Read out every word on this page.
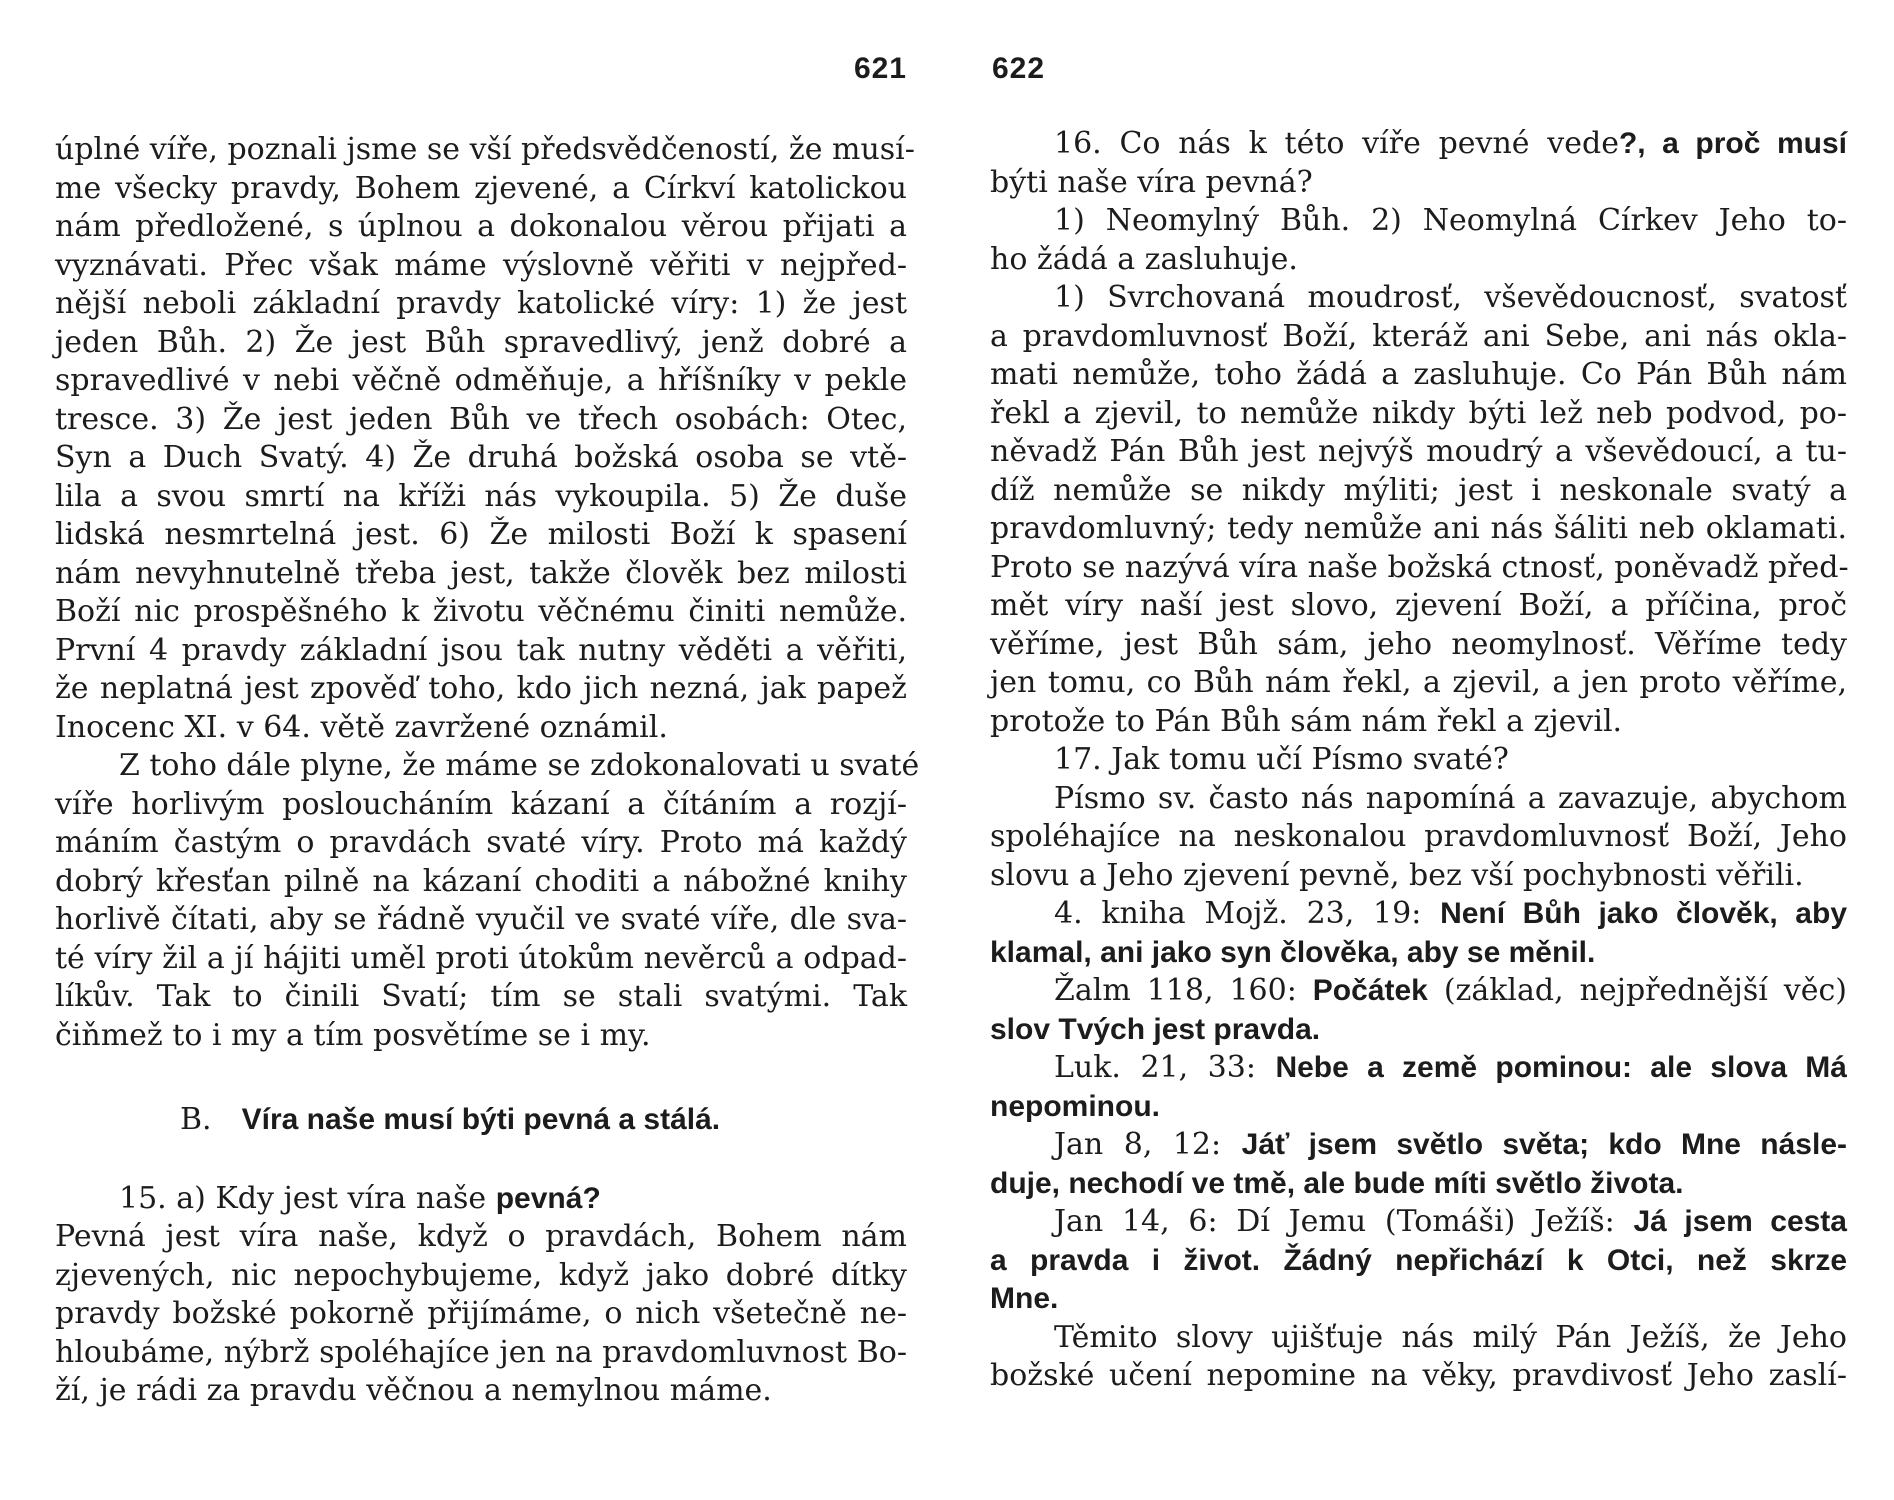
621
úplné víře, poznali jsme se vší předsvědčeností, že musí-
me všecky pravdy, Bohem zjevené, a Církví katolickou
nám předložené, s úplnou a dokonalou věrou přijati a
vyznávati. Přec však máme výslovně věřiti v nejpřed-
nější neboli základní pravdy katolické víry: 1) že jest
jeden Bůh. 2) Že jest Bůh spravedlivý, jenž dobré a
spravedlivé v nebi věčně odměňuje, a hříšníky v pekle
tresce. 3) Že jest jeden Bůh ve třech osobách: Otec,
Syn a Duch Svatý. 4) Že druhá božská osoba se vtě-
lila a svou smrtí na kříži nás vykoupila. 5) Že duše
lidská nesmrtelná jest. 6) Že milosti Boží k spasení
nám nevyhnutelně třeba jest, takže člověk bez milosti
Boží nic prospěšného k životu věčnému činiti nemůže.
První 4 pravdy základní jsou tak nutny věděti a věřiti,
že neplatná jest zpověď toho, kdo jich nezná, jak papež
Inocenc XI. v 64. větě zavržené oznámil.
Z toho dále plyne, že máme se zdokonalovati u svaté
víře horlivým posloucháním kázaní a čítáním a rozjí-
máním častým o pravdách svaté víry. Proto má každý
dobrý křesťan pilně na kázaní choditi a nábožné knihy
horlivě čítati, aby se řádně vyučil ve svaté víře, dle sva-
té víry žil a jí hájiti uměl proti útokům nevěrců a odpad-
líkův. Tak to činili Svatí; tím se stali svatými. Tak
čiňmež to i my a tím posvětíme se i my.
B. Víra naše musí býti pevná a stálá.
15. a) Kdy jest víra naše pevná?
Pevná jest víra naše, když o pravdách, Bohem nám
zjevených, nic nepochybujeme, když jako dobré dítky
pravdy božské pokorně přijímáme, o nich všetečně ne-
hloubáme, nýbrž spoléhajíce jen na pravdomluvnost Bo-
ží, je rádi za pravdu věčnou a nemylnou máme.
622
16. Co nás k této víře pevné vede?, a proč musí
býti naše víra pevná?
1) Neomylný Bůh. 2) Neomylná Církev Jeho to-
ho žádá a zasluhuje.
1) Svrchovaná moudrosť, vševědoucnosť, svatosť
a pravdomluvnosť Boží, kteráž ani Sebe, ani nás okla-
mati nemůže, toho žádá a zasluhuje. Co Pán Bůh nám
řekl a zjevil, to nemůže nikdy býti lež neb podvod, po-
něvadž Pán Bůh jest nejvýš moudrý a vševědoucí, a tu-
díž nemůže se nikdy mýliti; jest i neskonale svatý a
pravdomluvný; tedy nemůže ani nás šáliti neb oklamati.
Proto se nazývá víra naše božská ctnosť, poněvadž před-
mět víry naší jest slovo, zjevení Boží, a příčina, proč
věříme, jest Bůh sám, jeho neomylnosť. Věříme tedy
jen tomu, co Bůh nám řekl, a zjevil, a jen proto věříme,
protože to Pán Bůh sám nám řekl a zjevil.
17. Jak tomu učí Písmo svaté?
Písmo sv. často nás napomíná a zavazuje, abychom
spoléhajíce na neskonalou pravdomluvnosť Boží, Jeho
slovu a Jeho zjevení pevně, bez vší pochybnosti věřili.
4. kniha Mojž. 23, 19: Není Bůh jako člověk, aby
klamal, ani jako syn člověka, aby se měnil.
Žalm 118, 160: Počátek (základ, nejpřednější věc)
slov Tvých jest pravda.
Luk. 21, 33: Nebe a země pominou: ale slova Má
nepominou.
Jan 8, 12: Jáť jsem světlo světa; kdo Mne násle-
duje, nechodí ve tmě, ale bude míti světlo života.
Jan 14, 6: Dí Jemu (Tomáši) Ježíš: Já jsem cesta
a pravda i život. Žádný nepřichází k Otci, než skrze
Mne.
Těmito slovy ujišťuje nás milý Pán Ježíš, že Jeho
božské učení nepomine na věky, pravdivosť Jeho zaslí-
